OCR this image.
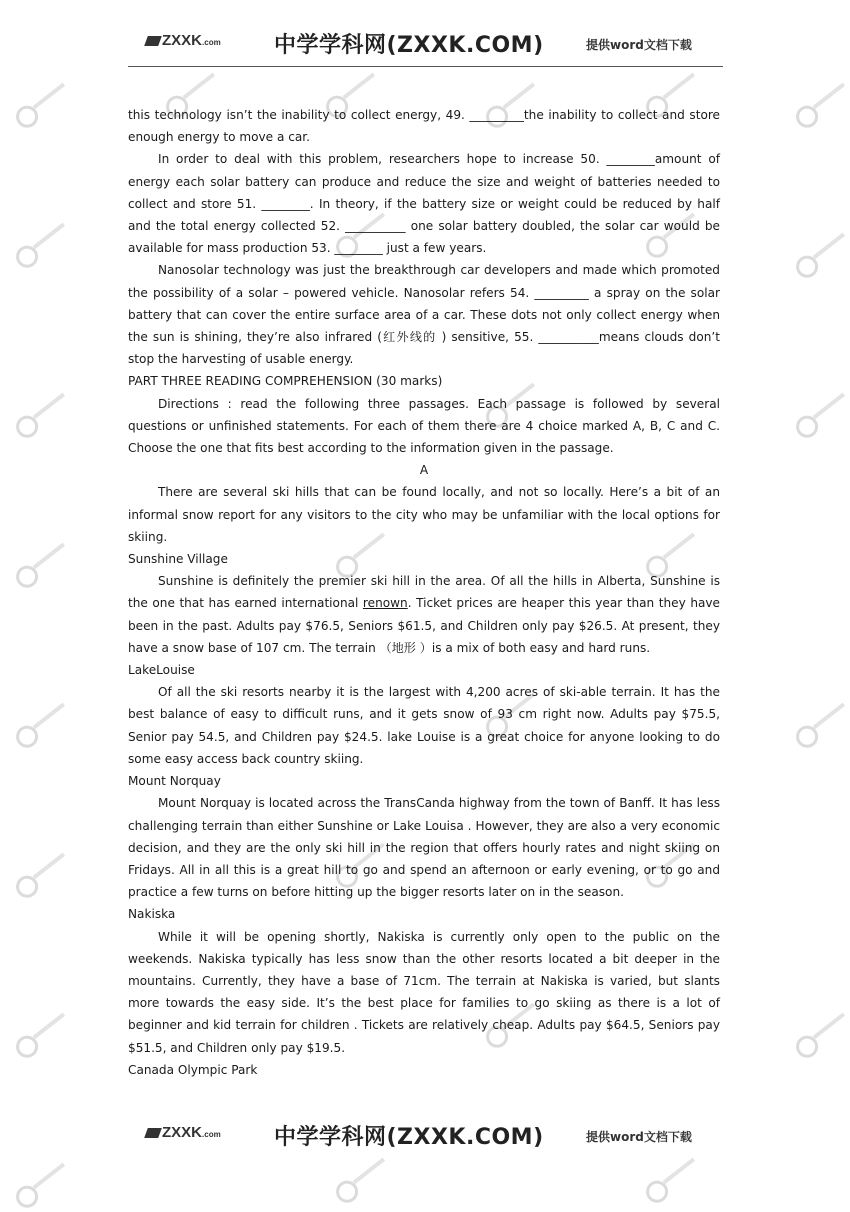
ZXXK.com 中学学科网(ZXXK.COM)	提供word文档下载

this technology isn’t the inability to collect energy, 49. _________the inability to collect and store enough energy to move a car.

In order to deal with this problem, researchers hope to increase 50. ________amount of energy each solar battery can produce and reduce the size and weight of batteries needed to collect and store 51. ________. In theory, if the battery size or weight could be reduced by half and the total energy collected 52. __________ one solar battery doubled, the solar car would be available for mass production 53. ________ just a few years.

Nanosolar technology was just the breakthrough car developers and made which promoted the possibility of a solar – powered vehicle. Nanosolar refers 54. _________ a spray on the solar battery that can cover the entire surface area of a car. These dots not only collect energy when the sun is shining, they’re also infrared (红外线的 ) sensitive, 55. __________means clouds don’t stop the harvesting of usable energy.

PART THREE READING COMPREHENSION (30 marks)

Directions : read the following three passages. Each passage is followed by several questions or unfinished statements. For each of them there are 4 choice marked A, B, C and C. Choose the one that fits best according to the information given in the passage.

A

There are several ski hills that can be found locally, and not so locally. Here’s a bit of an informal snow report for any visitors to the city who may be unfamiliar with the local options for skiing.

Sunshine Village

Sunshine is definitely the premier ski hill in the area. Of all the hills in Alberta, Sunshine is the one that has earned international renown. Ticket prices are heaper this year than they have been in the past. Adults pay $76.5, Seniors $61.5, and Children only pay $26.5. At present, they have a snow base of 107 cm. The terrain （地形 ）is a mix of both easy and hard runs.

LakeLouise

Of all the ski resorts nearby it is the largest with 4,200 acres of ski-able terrain. It has the best balance of easy to difficult runs, and it gets snow of 93 cm right now. Adults pay $75.5, Senior pay 54.5, and Children pay $24.5. lake Louise is a great choice for anyone looking to do some easy access back country skiing.

Mount Norquay

Mount Norquay is located across the TransCanda highway from the town of Banff. It has less challenging terrain than either Sunshine or Lake Louisa . However, they are also a very economic decision, and they are the only ski hill in the region that offers hourly rates and night skiing on Fridays. All in all this is a great hill to go and spend an afternoon or early evening, or to go and practice a few turns on before hitting up the bigger resorts later on in the season.

Nakiska

While it will be opening shortly, Nakiska is currently only open to the public on the weekends. Nakiska typically has less snow than the other resorts located a bit deeper in the mountains. Currently, they have a base of 71cm. The terrain at Nakiska is varied, but slants more towards the easy side. It’s the best place for families to go skiing as there is a lot of beginner and kid terrain for children . Tickets are relatively cheap. Adults pay $64.5, Seniors pay $51.5, and Children only pay $19.5.

Canada Olympic Park

ZXXK.com 中学学科网(ZXXK.COM)	提供word文档下载
